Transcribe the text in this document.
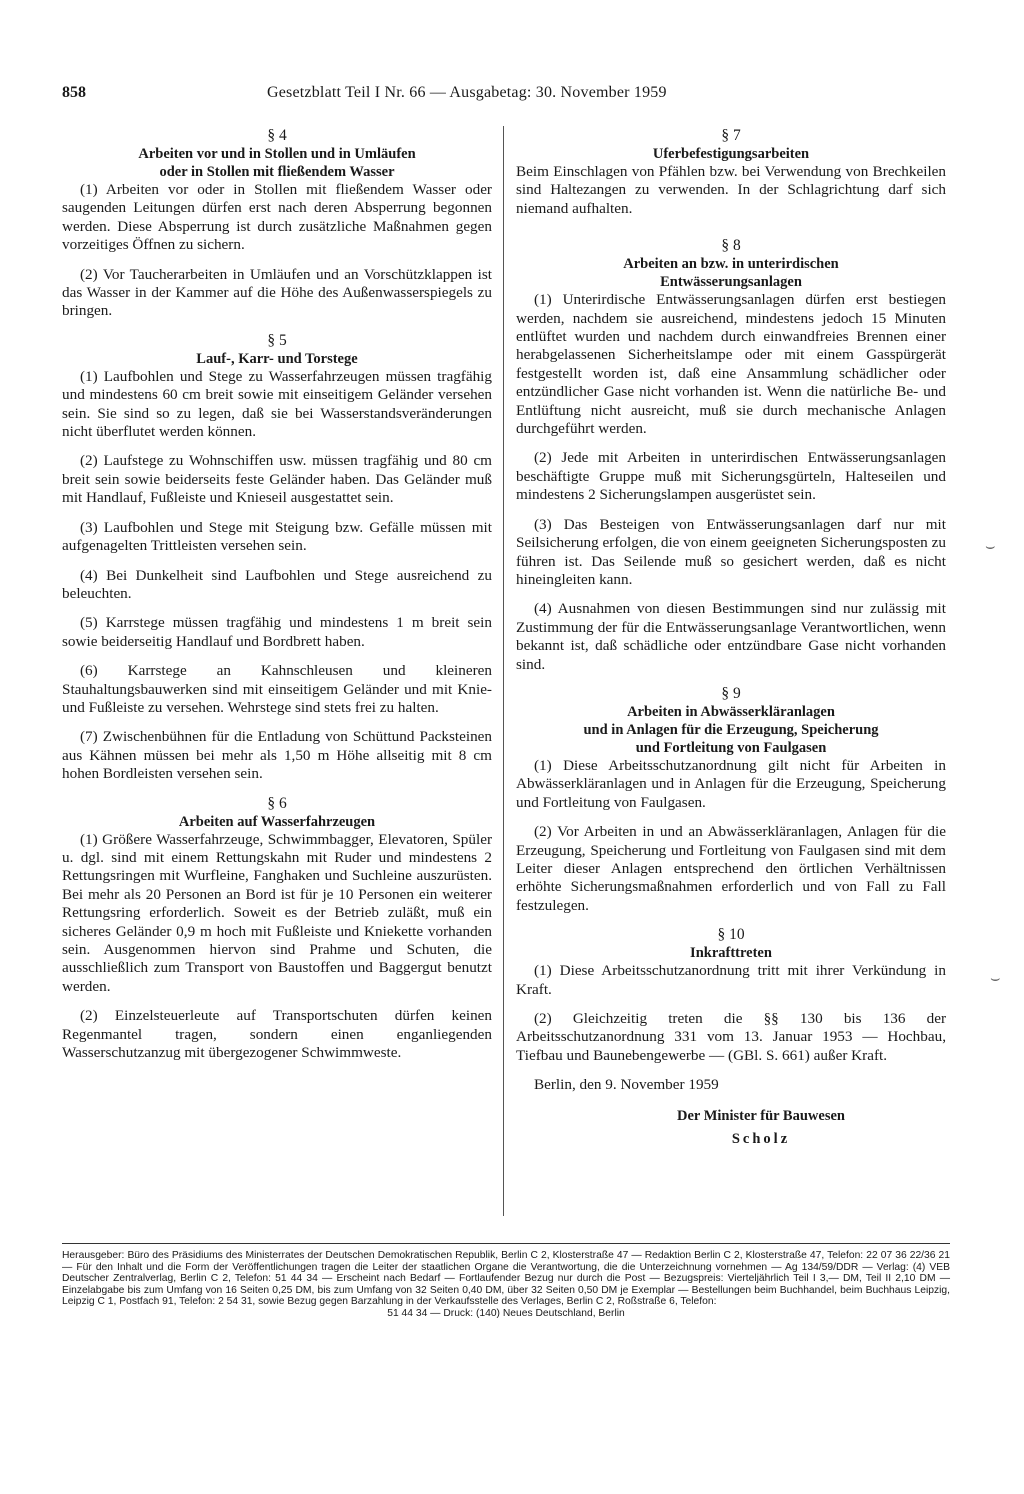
858	Gesetzblatt Teil I Nr. 66 — Ausgabetag: 30. November 1959

§ 4

Arbeiten vor und in Stollen und in Umläufen

oder in Stollen mit fließendem Wasser

(1) Arbeiten vor oder in Stollen mit fließendem Wasser oder saugenden Leitungen dürfen erst nach deren Absperrung begonnen werden. Diese Absperrung ist durch zusätzliche Maßnahmen gegen vorzeitiges Öffnen zu sichern.

(2) Vor Taucherarbeiten in Umläufen und an Vorschützklappen ist das Wasser in der Kammer auf die Höhe des Außenwasserspiegels zu bringen.

§ 5

Lauf-, Karr- und Torstege

(1) Laufbohlen und Stege zu Wasserfahrzeugen müssen tragfähig und mindestens 60 cm breit sowie mit einseitigem Geländer versehen sein. Sie sind so zu legen, daß sie bei Wasserstandsveränderungen nicht überflutet werden können.

(2) Laufstege zu Wohnschiffen usw. müssen tragfähig und 80 cm breit sein sowie beiderseits feste Geländer haben. Das Geländer muß mit Handlauf, Fußleiste und Knieseil ausgestattet sein.

(3) Laufbohlen und Stege mit Steigung bzw. Gefälle müssen mit aufgenagelten Trittleisten versehen sein.

(4) Bei Dunkelheit sind Laufbohlen und Stege ausreichend zu beleuchten.

(5) Karrstege müssen tragfähig und mindestens 1 m breit sein sowie beiderseitig Handlauf und Bordbrett haben.

(6) Karrstege an Kahnschleusen und kleineren Stauhaltungsbauwerken sind mit einseitigem Geländer und mit Knie- und Fußleiste zu versehen. Wehrstege sind stets frei zu halten.

(7) Zwischenbühnen für die Entladung von Schüttund Packsteinen aus Kähnen müssen bei mehr als 1,50 m Höhe allseitig mit 8 cm hohen Bordleisten versehen sein.

§ 6

Arbeiten auf Wasserfahrzeugen

(1) Größere Wasserfahrzeuge, Schwimmbagger, Elevatoren, Spüler u. dgl. sind mit einem Rettungskahn mit Ruder und mindestens 2 Rettungsringen mit Wurfleine, Fanghaken und Suchleine auszurüsten. Bei mehr als 20 Personen an Bord ist für je 10 Personen ein weiterer Rettungsring erforderlich. Soweit es der Betrieb zuläßt, muß ein sicheres Geländer 0,9 m hoch mit Fußleiste und Kniekette vorhanden sein. Ausgenommen hiervon sind Prahme und Schuten, die ausschließlich zum Transport von Baustoffen und Baggergut benutzt werden.

(2) Einzelsteuerleute auf Transportschuten dürfen keinen Regenmantel tragen, sondern einen enganliegenden Wasserschutzanzug mit übergezogener Schwimmweste.

§ 7

Uferbefestigungsarbeiten

Beim Einschlagen von Pfählen bzw. bei Verwendung von Brechkeilen sind Haltezangen zu verwenden. In der Schlagrichtung darf sich niemand aufhalten.

§ 8

Arbeiten an bzw. in unterirdischen

Entwässerungsanlagen

(1) Unterirdische Entwässerungsanlagen dürfen erst bestiegen werden, nachdem sie ausreichend, mindestens jedoch 15 Minuten entlüftet wurden und nachdem durch einwandfreies Brennen einer herabgelassenen Sicherheitslampe oder mit einem Gasspürgerät festgestellt worden ist, daß eine Ansammlung schädlicher oder entzündlicher Gase nicht vorhanden ist. Wenn die natürliche Be- und Entlüftung nicht ausreicht, muß sie durch mechanische Anlagen durchgeführt werden.

(2) Jede mit Arbeiten in unterirdischen Entwässerungsanlagen beschäftigte Gruppe muß mit Sicherungsgürteln, Halteseilen und mindestens 2 Sicherungslampen ausgerüstet sein.

(3) Das Besteigen von Entwässerungsanlagen darf nur mit Seilsicherung erfolgen, die von einem geeigneten Sicherungsposten zu führen ist. Das Seilende muß so gesichert werden, daß es nicht hineingleiten kann.

(4) Ausnahmen von diesen Bestimmungen sind nur zulässig mit Zustimmung der für die Entwässerungsanlage Verantwortlichen, wenn bekannt ist, daß schädliche oder entzündbare Gase nicht vorhanden sind.

§ 9

Arbeiten in Abwässerkläranlagen

und in Anlagen für die Erzeugung, Speicherung

und Fortleitung von Faulgasen

(1) Diese Arbeitsschutzanordnung gilt nicht für Arbeiten in Abwässerkläranlagen und in Anlagen für die Erzeugung, Speicherung und Fortleitung von Faulgasen.

(2) Vor Arbeiten in und an Abwässerkläranlagen, Anlagen für die Erzeugung, Speicherung und Fortleitung von Faulgasen sind mit dem Leiter dieser Anlagen entsprechend den örtlichen Verhältnissen erhöhte Sicherungsmaßnahmen erforderlich und von Fall zu Fall festzulegen.

§ 10

Inkrafttreten

(1) Diese Arbeitsschutzanordnung tritt mit ihrer Verkündung in Kraft.

(2) Gleichzeitig treten die §§ 130 bis 136 der Arbeitsschutzanordnung 331 vom 13. Januar 1953 — Hochbau, Tiefbau und Baunebengewerbe — (GBl. S. 661) außer Kraft.

Berlin, den 9. November 1959

Der Minister für Bauwesen

Scholz

⌣
⌣
Herausgeber: Büro des Präsidiums des Ministerrates der Deutschen Demokratischen Republik, Berlin C 2, Klosterstraße 47 — Redaktion Berlin C 2, Klosterstraße 47, Telefon: 22 07 36 22/36 21 — Für den Inhalt und die Form der Veröffentlichungen tragen die Leiter der staatlichen Organe die Verantwortung, die die Unterzeichnung vornehmen — Ag 134/59/DDR — Verlag: (4) VEB Deutscher Zentralverlag, Berlin C 2, Telefon: 51 44 34 — Erscheint nach Bedarf — Fortlaufender Bezug nur durch die Post — Bezugspreis: Vierteljährlich Teil I 3,— DM, Teil II 2,10 DM — Einzelabgabe bis zum Umfang von 16 Seiten 0,25 DM, bis zum Umfang von 32 Seiten 0,40 DM, über 32 Seiten 0,50 DM je Exemplar — Bestellungen beim Buchhandel, beim Buchhaus Leipzig, Leipzig C 1, Postfach 91, Telefon: 2 54 31, sowie Bezug gegen Barzahlung in der Verkaufsstelle des Verlages, Berlin C 2, Roßstraße 6, Telefon:
51 44 34 — Druck: (140) Neues Deutschland, Berlin
